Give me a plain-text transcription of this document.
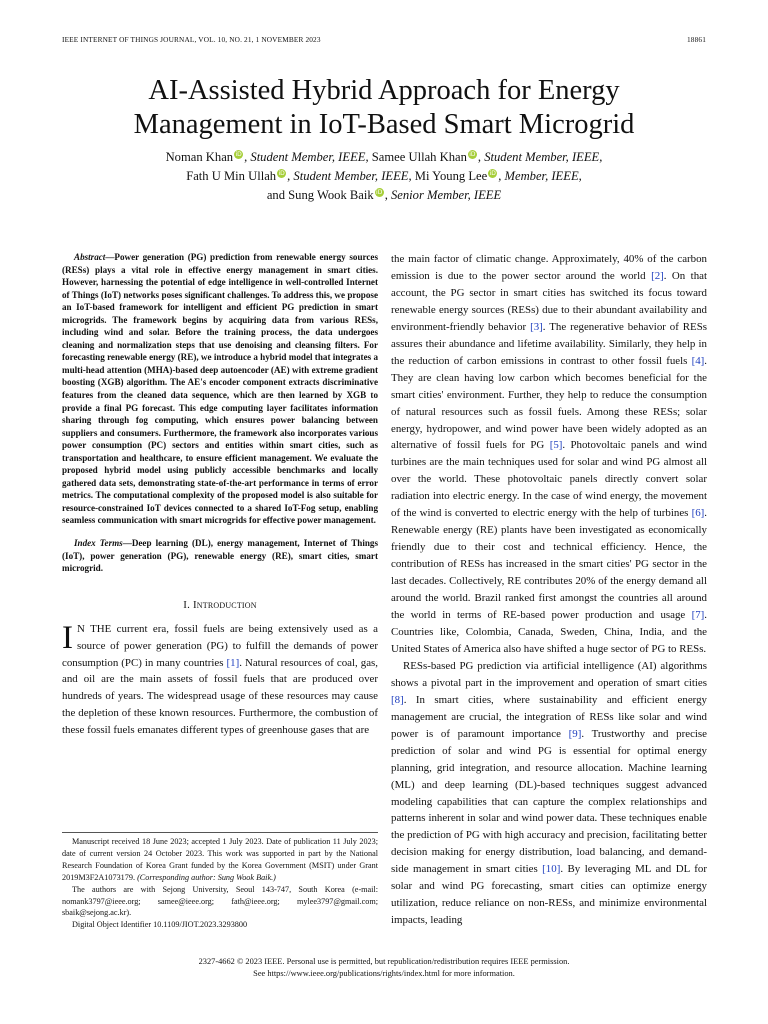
IEEE INTERNET OF THINGS JOURNAL, VOL. 10, NO. 21, 1 NOVEMBER 2023	18861
AI-Assisted Hybrid Approach for Energy
Management in IoT-Based Smart Microgrid
Noman Khan iD , Student Member, IEEE, Samee Ullah Khan iD , Student Member, IEEE,
Fath U Min Ullah iD , Student Member, IEEE, Mi Young Lee iD , Member, IEEE,
and Sung Wook Baik iD , Senior Member, IEEE

Abstract—Power generation (PG) prediction from renewable energy sources (RESs) plays a vital role in effective energy management in smart cities. However, harnessing the potential of edge intelligence in well-controlled Internet of Things (IoT) networks poses significant challenges. To address this, we propose an IoT-based framework for intelligent and efficient PG prediction in smart microgrids. The framework begins by acquiring data from various RESs, including wind and solar. Before the training process, the data undergoes cleaning and normalization steps that use denoising and cleansing filters. For forecasting renewable energy (RE), we introduce a hybrid model that integrates a multi-head attention (MHA)-based deep autoencoder (AE) with extreme gradient boosting (XGB) algorithm. The AE's encoder component extracts discriminative features from the cleaned data sequence, which are then learned by XGB to provide a final PG forecast. This edge computing layer facilitates information sharing through fog computing, which ensures power balancing between suppliers and consumers. Furthermore, the framework also incorporates various power consumption (PC) sectors and entities within smart cities, such as transportation and healthcare, to ensure efficient management. We evaluate the proposed hybrid model using publicly accessible benchmarks and locally gathered data sets, demonstrating state-of-the-art performance in terms of error metrics. The computational complexity of the proposed model is also suitable for resource-constrained IoT devices connected to a shared IoT-Fog setup, enabling seamless communication with smart microgrids for effective power management.

Index Terms—Deep learning (DL), energy management, Internet of Things (IoT), power generation (PG), renewable energy (RE), smart cities, smart microgrid.

I. Introduction

I N THE current era, fossil fuels are being extensively used as a source of power generation (PG) to fulfill the demands of power consumption (PC) in many countries [1]. Natural resources of coal, gas, and oil are the main assets of fossil fuels that are produced over hundreds of years. The widespread usage of these resources may cause the depletion of these known resources. Furthermore, the combustion of these fossil fuels emanates different types of greenhouse gases that are

Manuscript received 18 June 2023; accepted 1 July 2023. Date of publication 11 July 2023; date of current version 24 October 2023. This work was supported in part by the National Research Foundation of Korea Grant funded by the Korea Government (MSIT) under Grant 2019M3F2A1073179. (Corresponding author: Sung Wook Baik.)

The authors are with Sejong University, Seoul 143-747, South Korea (e-mail: nomank3797@ieee.org; samee@ieee.org; fath@ieee.org; mylee3797@gmail.com; sbaik@sejong.ac.kr).

Digital Object Identifier 10.1109/JIOT.2023.3293800

the main factor of climatic change. Approximately, 40% of the carbon emission is due to the power sector around the world [2]. On that account, the PG sector in smart cities has switched its focus toward renewable energy sources (RESs) due to their abundant availability and environment-friendly behavior [3]. The regenerative behavior of RESs assures their abundance and lifetime availability. Similarly, they help in the reduction of carbon emissions in contrast to other fossil fuels [4]. They are clean having low carbon which becomes beneficial for the smart cities' environment. Further, they help to reduce the consumption of natural resources such as fossil fuels. Among these RESs; solar energy, hydropower, and wind power have been widely adopted as an alternative of fossil fuels for PG [5]. Photovoltaic panels and wind turbines are the main techniques used for solar and wind PG almost all over the world. These photovoltaic panels directly convert solar radiation into electric energy. In the case of wind energy, the movement of the wind is converted to electric energy with the help of turbines [6]. Renewable energy (RE) plants have been investigated as economically friendly due to their cost and technical efficiency. Hence, the contribution of RESs has increased in the smart cities' PG sector in the last decades. Collectively, RE contributes 20% of the energy demand all around the world. Brazil ranked first amongst the countries all around the world in terms of RE-based power production and usage [7]. Countries like, Colombia, Canada, Sweden, China, India, and the United States of America also have shifted a huge sector of PG to RESs.

RESs-based PG prediction via artificial intelligence (AI) algorithms shows a pivotal part in the improvement and operation of smart cities [8]. In smart cities, where sustainability and efficient energy management are crucial, the integration of RESs like solar and wind power is of paramount importance [9]. Trustworthy and precise prediction of solar and wind PG is essential for optimal energy planning, grid integration, and resource allocation. Machine learning (ML) and deep learning (DL)-based techniques suggest advanced modeling capabilities that can capture the complex relationships and patterns inherent in solar and wind power data. These techniques enable the prediction of PG with high accuracy and precision, facilitating better decision making for energy distribution, load balancing, and demand-side management in smart cities [10]. By leveraging ML and DL for solar and wind PG forecasting, smart cities can optimize energy utilization, reduce reliance on non-RESs, and minimize environmental impacts, leading

2327-4662 © 2023 IEEE. Personal use is permitted, but republication/redistribution requires IEEE permission.
See https://www.ieee.org/publications/rights/index.html for more information.
